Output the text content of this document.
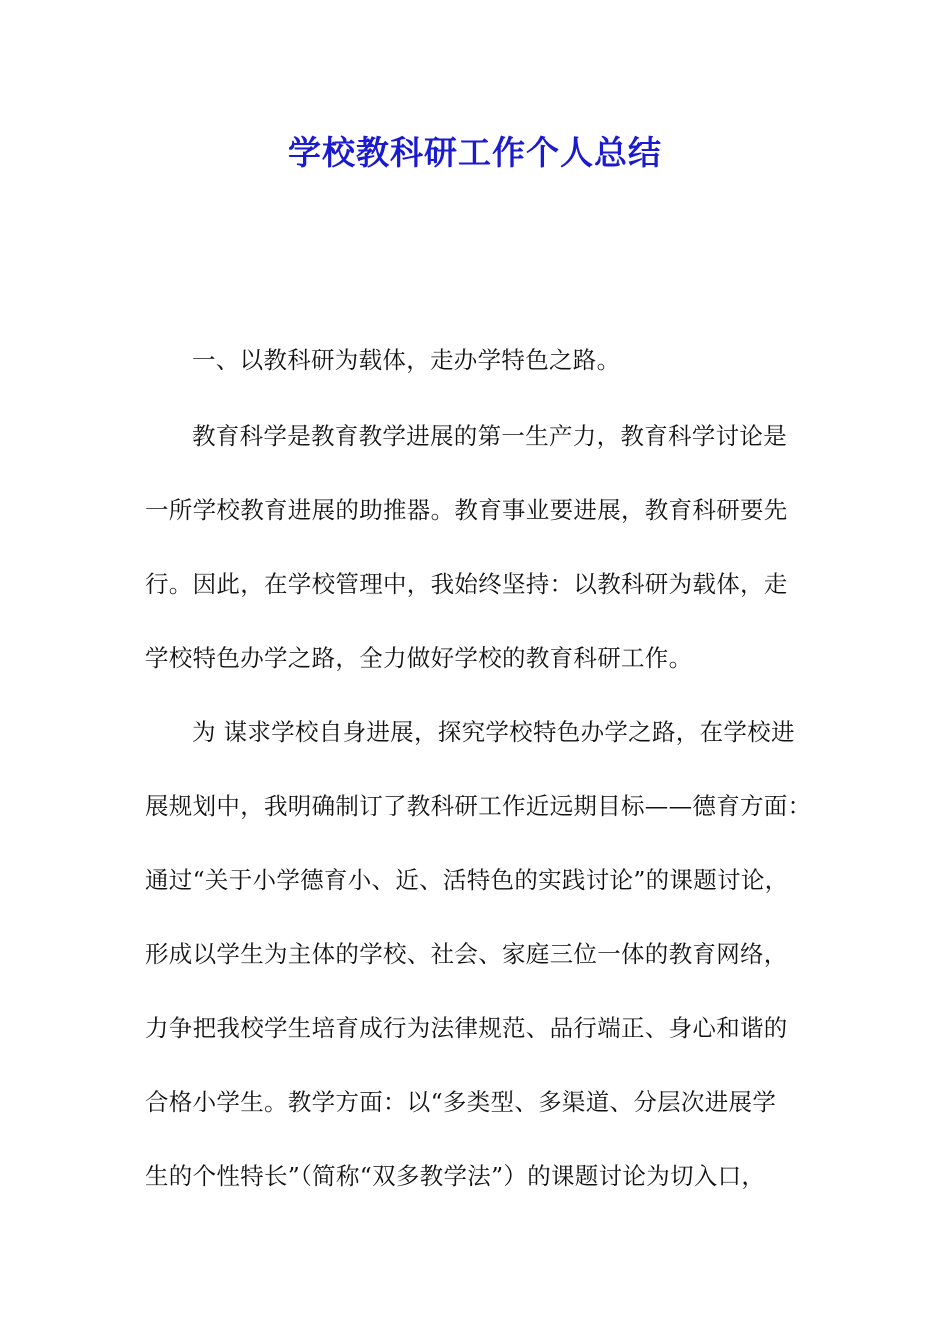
学校教科研工作个人总结
一、以教科研为载体，走办学特色之路。
教育科学是教育教学进展的第一生产力，教育科学讨论是
一所学校教育进展的助推器。教育事业要进展，教育科研要先
行。因此，在学校管理中，我始终坚持：以教科研为载体，走
学校特色办学之路，全力做好学校的教育科研工作。
为 谋求学校自身进展，探究学校特色办学之路，在学校进
展规划中，我明确制订了教科研工作近远期目标——德育方面：
通过“关于小学德育小、近、活特色的实践讨论”的课题讨论，
形成以学生为主体的学校、社会、家庭三位一体的教育网络，
力争把我校学生培育成行为法律规范、品行端正、身心和谐的
合格小学生。教学方面：以“多类型、多渠道、分层次进展学
生的个性特长”（简称“双多教学法”）的课题讨论为切入口，
